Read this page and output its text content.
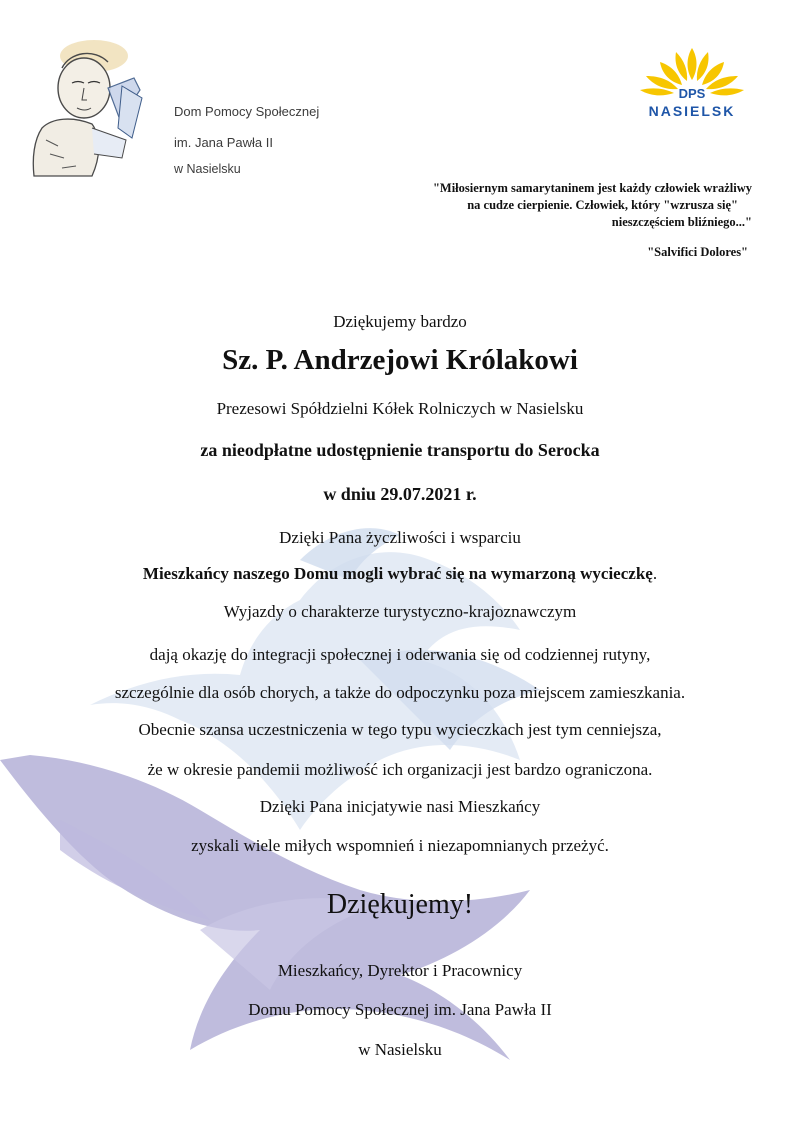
Dom Pomocy Społecznej
im. Jana Pawła II
w Nasielsku
DPS
NASIELSK
"Miłosiernym samarytaninem jest każdy człowiek wrażliwy
na cudze cierpienie. Człowiek, który "wzrusza się"
nieszczęściem bliźniego..."
"Salvifici Dolores"
Dziękujemy bardzo
Sz. P. Andrzejowi Królakowi
Prezesowi Spółdzielni Kółek Rolniczych w Nasielsku
za nieodpłatne udostępnienie transportu do Serocka
w dniu 29.07.2021 r.
Dzięki Pana życzliwości i wsparciu
Mieszkańcy naszego Domu mogli wybrać się na wymarzoną wycieczkę.
Wyjazdy o charakterze turystyczno-krajoznawczym
dają okazję do integracji społecznej i oderwania się od codziennej rutyny,
szczególnie dla osób chorych, a także do odpoczynku poza miejscem zamieszkania.
Obecnie szansa uczestniczenia w tego typu wycieczkach jest tym cenniejsza,
że w okresie pandemii możliwość ich organizacji jest bardzo ograniczona.
Dzięki Pana inicjatywie nasi Mieszkańcy
zyskali wiele miłych wspomnień i niezapomnianych przeżyć.
Dziękujemy!
Mieszkańcy, Dyrektor i Pracownicy
Domu Pomocy Społecznej im. Jana Pawła II
w Nasielsku
